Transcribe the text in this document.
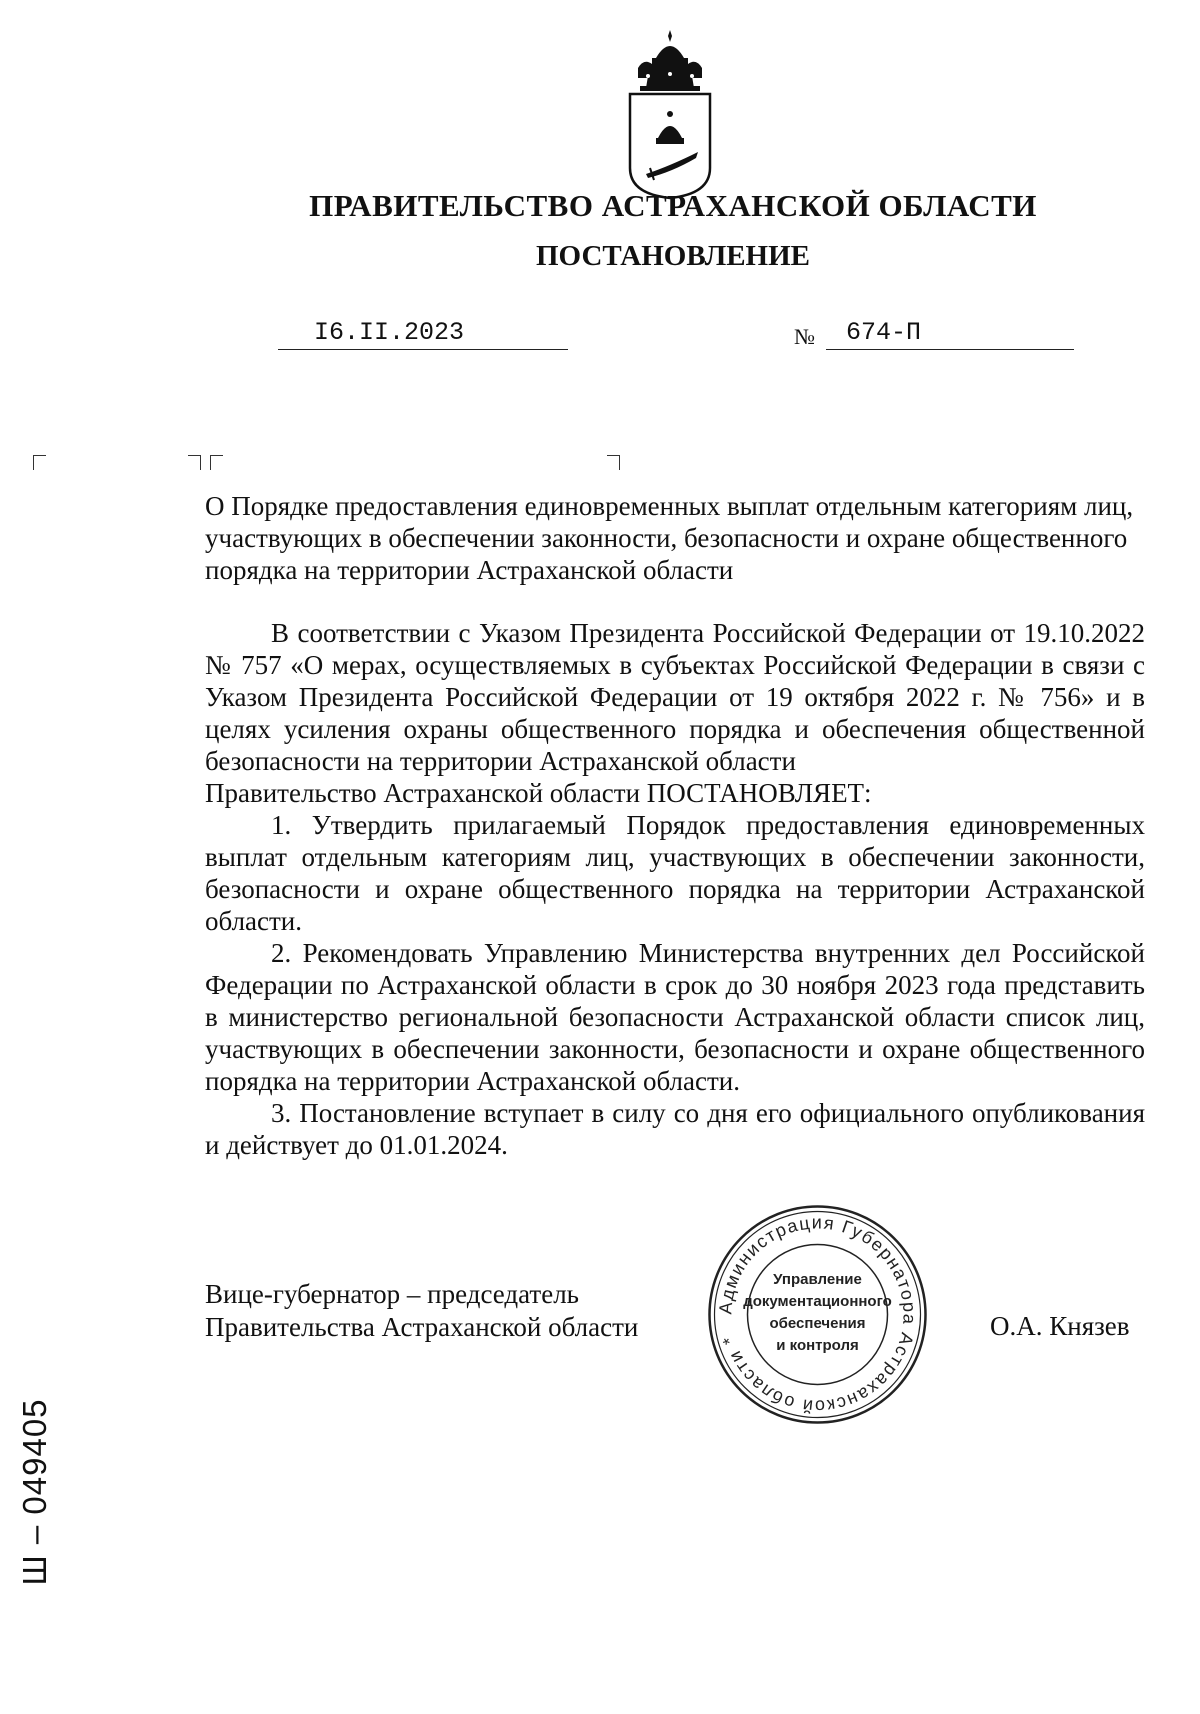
ПРАВИТЕЛЬСТВО АСТРАХАНСКОЙ ОБЛАСТИ
ПОСТАНОВЛЕНИЕ
I6.II.2023	№	674-П
О Порядке предоставления единовременных выплат отдельным категориям лиц, участвующих в обеспечении законности, безопасности и охране общественного порядка на территории Астраханской области

В соответствии с Указом Президента Российской Федерации от 19.10.2022 № 757 «О мерах, осуществляемых в субъектах Российской Федерации в связи с Указом Президента Российской Федерации от 19 октября 2022 г. № 756» и в целях усиления охраны общественного порядка и обеспечения общественной безопасности на территории Астраханской области

Правительство Астраханской области ПОСТАНОВЛЯЕТ:

1. Утвердить прилагаемый Порядок предоставления единовременных выплат отдельным категориям лиц, участвующих в обеспечении законности, безопасности и охране общественного порядка на территории Астраханской области.

2. Рекомендовать Управлению Министерства внутренних дел Российской Федерации по Астраханской области в срок до 30 ноября 2023 года представить в министерство региональной безопасности Астраханской области список лиц, участвующих в обеспечении законности, безопасности и охране общественного порядка на территории Астраханской области.

3. Постановление вступает в силу со дня его официального опубликования и действует до 01.01.2024.

Вице-губернатор – председатель
Правительства Астраханской области	О.А. Князев
Администрация Губернатора Астраханской области *
Управление
документационного
обеспечения
и контроля
Ш – 049405
